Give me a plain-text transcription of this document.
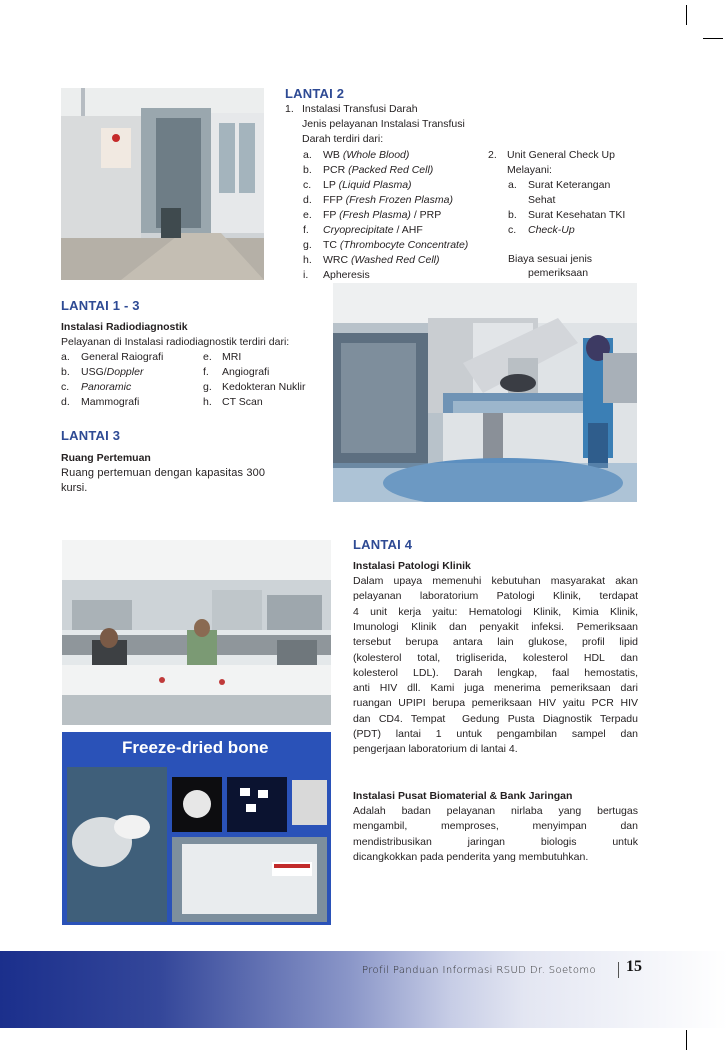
LANTAI 2
1. Instalasi Transfusi Darah
Jenis pelayanan Instalasi Transfusi
Darah terdiri dari:
a. WB (Whole Blood)
b. PCR (Packed Red Cell)
c. LP (Liquid Plasma)
d. FFP (Fresh Frozen Plasma)
e. FP (Fresh Plasma) / PRP
f. Cryoprecipitate / AHF
g. TC (Thrombocyte Concentrate)
h. WRC (Washed Red Cell)
i. Apheresis
2. Unit General Check Up
Melayani:
a. Surat Keterangan
Sehat
b. Surat Kesehatan TKI
c. Check-Up
Biaya sesuai jenis
pemeriksaan
LANTAI 1 - 3
Instalasi Radiodiagnostik
Pelayanan di Instalasi radiodiagnostik terdiri dari:
a. General Raiografi
b. USG/Doppler
c. Panoramic
d. Mammografi
e. MRI
f. Angiografi
g. Kedokteran Nuklir
h. CT Scan
LANTAI 3
Ruang Pertemuan
Ruang pertemuan dengan kapasitas 300
kursi.
Freeze-dried bone
LANTAI 4
Instalasi Patologi Klinik
Dalam upaya memenuhi kebutuhan masyarakat akan
pelayanan  laboratorium  Patologi  Klinik,  terdapat
4  unit  kerja  yaitu:  Hematologi  Klinik,  Kimia  Klinik,
Imunologi  Klinik  dan  penyakit  infeksi.  Pemeriksaan
tersebut  berupa  antara  lain  glukose,  profil  lipid
(kolesterol  total,  trigliserida,  kolesterol  HDL  dan
kolesterol  LDL).  Darah  lengkap,  faal  hemostatis,
anti  HIV  dll.  Kami  juga  menerima  pemeriksaan  dari
ruangan UPIPI berupa pemeriksaan HIV yaitu PCR HIV
dan CD4. Tempat  Gedung Pusta Diagnostik Terpadu
(PDT)  lantai  1  untuk  pengambilan  sampel  dan
pengerjaan laboratorium di lantai 4.
Instalasi Pusat Biomaterial & Bank Jaringan
Adalah  badan  pelayanan  nirlaba  yang  bertugas
mengambil,        memproses,        menyimpan        dan
mendistribusikan        jaringan        biologis        untuk
dicangkokkan pada penderita yang membutuhkan.
Profil Panduan Informasi RSUD Dr. Soetomo 15
